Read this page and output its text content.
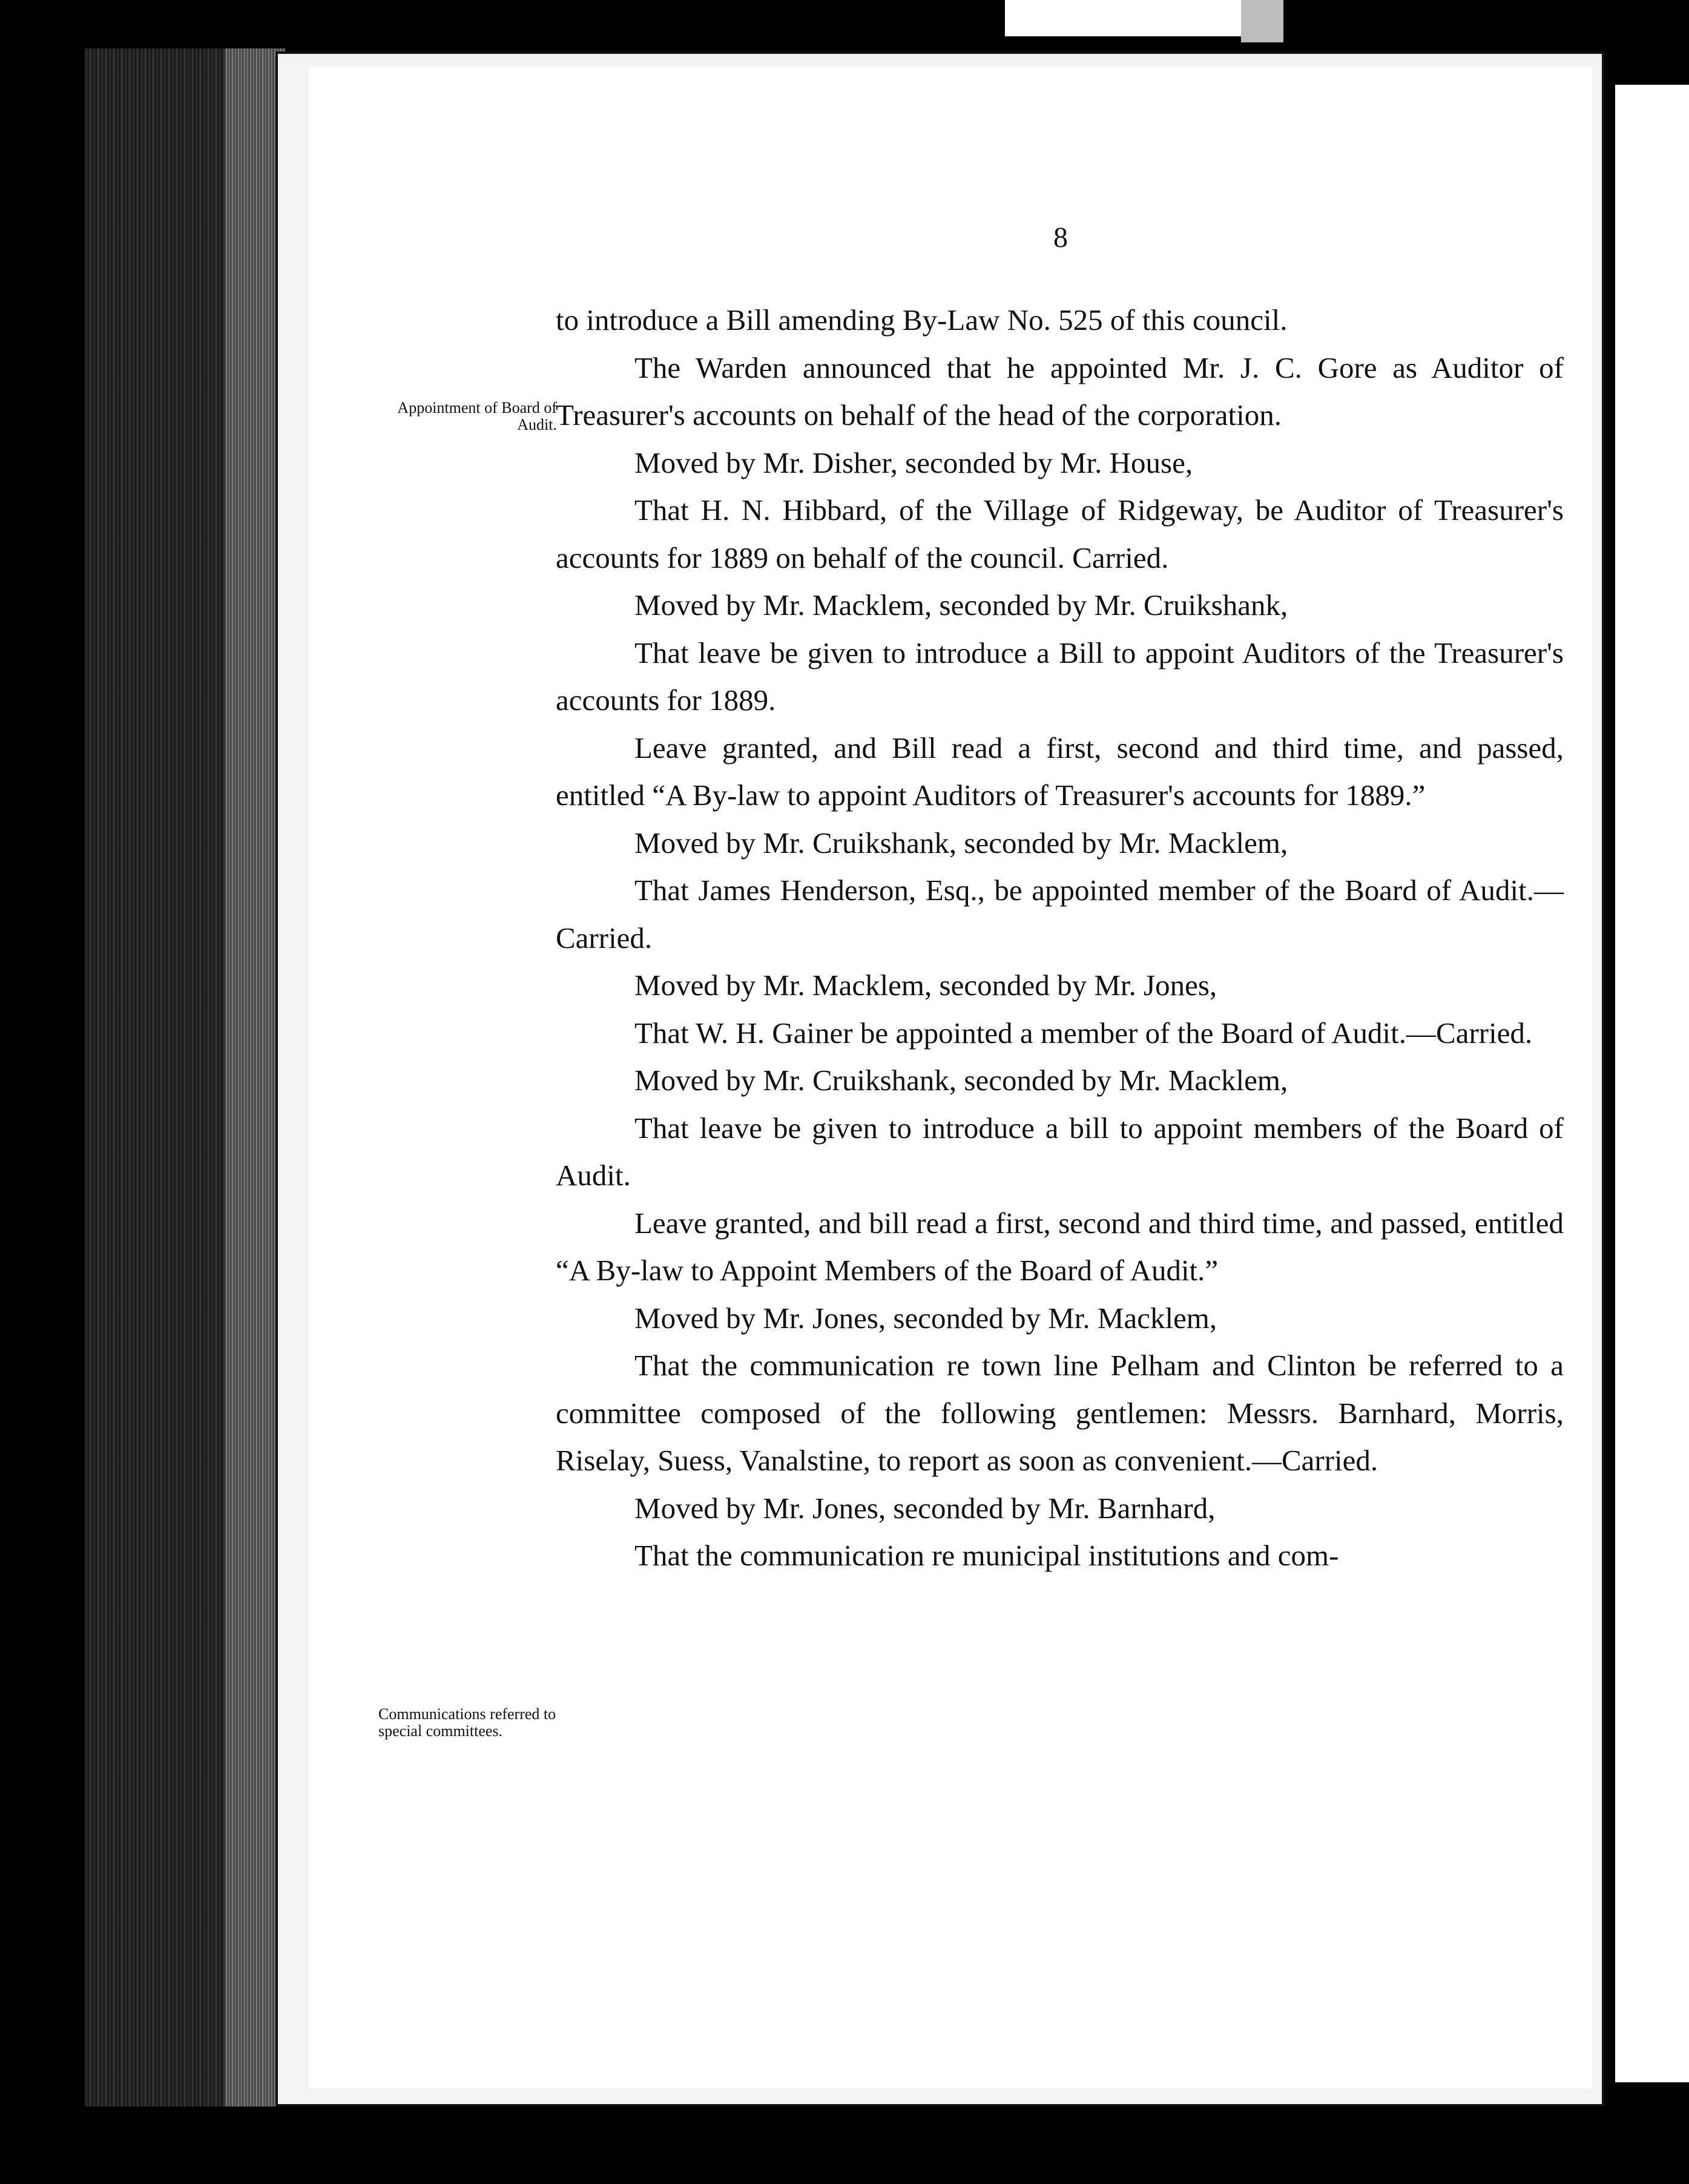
8
Appointment of Board of Audit.
Communications referred to special committees.

to introduce a Bill amending By-Law No. 525 of this council.

The Warden announced that he appointed Mr. J. C. Gore as Auditor of Treasurer's accounts on behalf of the head of the corporation.

Moved by Mr. Disher, seconded by Mr. House,

That H. N. Hibbard, of the Village of Ridgeway, be Auditor of Treasurer's accounts for 1889 on behalf of the council. Carried.

Moved by Mr. Macklem, seconded by Mr. Cruikshank,

That leave be given to introduce a Bill to appoint Auditors of the Treasurer's accounts for 1889.

Leave granted, and Bill read a first, second and third time, and passed, entitled “A By-law to appoint Auditors of Treasurer's accounts for 1889.”

Moved by Mr. Cruikshank, seconded by Mr. Macklem,

That James Henderson, Esq., be appointed member of the Board of Audit.—Carried.

Moved by Mr. Macklem, seconded by Mr. Jones,

That W. H. Gainer be appointed a member of the Board of Audit.—Carried.

Moved by Mr. Cruikshank, seconded by Mr. Macklem,

That leave be given to introduce a bill to appoint members of the Board of Audit.

Leave granted, and bill read a first, second and third time, and passed, entitled “A By-law to Appoint Members of the Board of Audit.”

Moved by Mr. Jones, seconded by Mr. Macklem,

That the communication re town line Pelham and Clinton be referred to a committee composed of the following gentlemen: Messrs. Barnhard, Morris, Riselay, Suess, Vanalstine, to report as soon as convenient.—Carried.

Moved by Mr. Jones, seconded by Mr. Barnhard,

That the communication re municipal institutions and com-
